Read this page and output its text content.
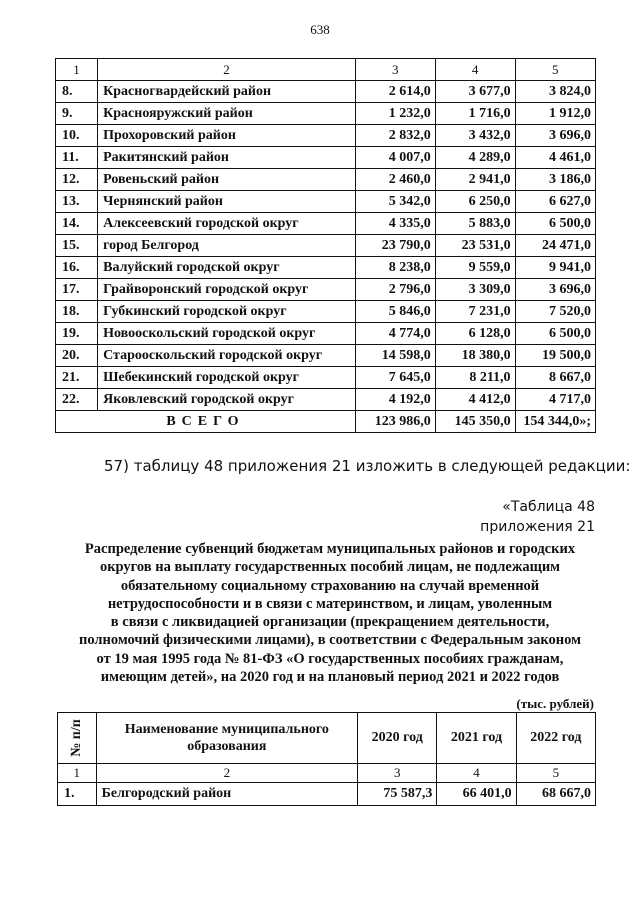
638
1	2	3	4	5
8.	Красногвардейский район	2 614,0	3 677,0	3 824,0
9.	Краснояружский район	1 232,0	1 716,0	1 912,0
10.	Прохоровский район	2 832,0	3 432,0	3 696,0
11.	Ракитянский район	4 007,0	4 289,0	4 461,0
12.	Ровеньский район	2 460,0	2 941,0	3 186,0
13.	Чернянский район	5 342,0	6 250,0	6 627,0
14.	Алексеевский городской округ	4 335,0	5 883,0	6 500,0
15.	город Белгород	23 790,0	23 531,0	24 471,0
16.	Валуйский городской округ	8 238,0	9 559,0	9 941,0
17.	Грайворонский городской округ	2 796,0	3 309,0	3 696,0
18.	Губкинский городской округ	5 846,0	7 231,0	7 520,0
19.	Новооскольский городской округ	4 774,0	6 128,0	6 500,0
20.	Старооскольский городской округ	14 598,0	18 380,0	19 500,0
21.	Шебекинский городской округ	7 645,0	8 211,0	8 667,0
22.	Яковлевский городской округ	4 192,0	4 412,0	4 717,0
ВСЕГО		123 986,0	145 350,0	154 344,0»;
57) таблицу 48 приложения 21 изложить в следующей редакции:
«Таблица 48
приложения 21
Распределение субвенций бюджетам муниципальных районов и городских
округов на выплату государственных пособий лицам, не подлежащим
обязательному социальному страхованию на случай временной
нетрудоспособности и в связи с материнством, и лицам, уволенным
в связи с ликвидацией организации (прекращением деятельности,
полномочий физическими лицами), в соответствии с Федеральным законом
от 19 мая 1995 года № 81-ФЗ «О государственных пособиях гражданам,
имеющим детей», на 2020 год и на плановый период 2021 и 2022 годов
(тыс. рублей)
№ п/п	Наименование муниципального образования	2020 год	2021 год	2022 год
1	2	3	4	5
1.	Белгородский район	75 587,3	66 401,0	68 667,0
